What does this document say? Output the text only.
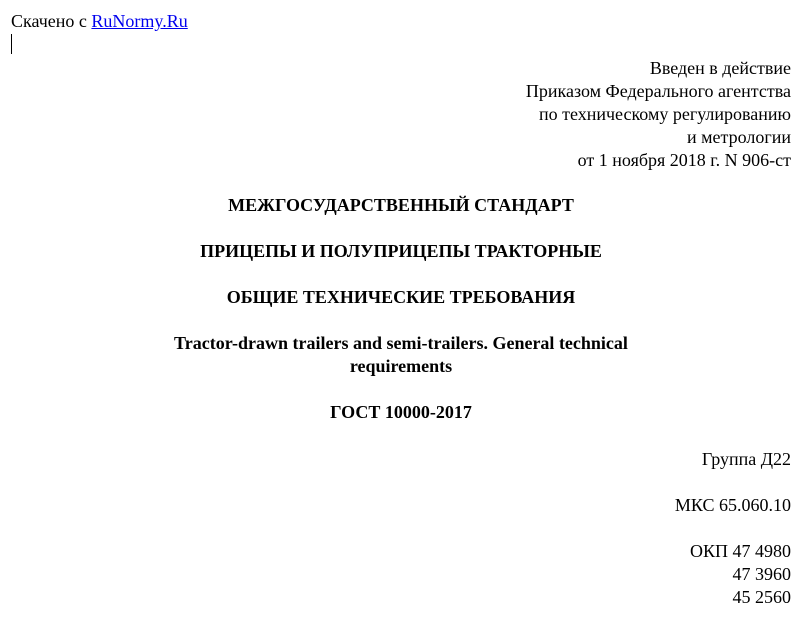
Скачено с RuNormy.Ru
Введен в действие
Приказом Федерального агентства
по техническому регулированию
и метрологии
от 1 ноября 2018 г. N 906-ст
МЕЖГОСУДАРСТВЕННЫЙ СТАНДАРТ
ПРИЦЕПЫ И ПОЛУПРИЦЕПЫ ТРАКТОРНЫЕ
ОБЩИЕ ТЕХНИЧЕСКИЕ ТРЕБОВАНИЯ
Tractor-drawn trailers and semi-trailers. General technical requirements
ГОСТ 10000-2017
Группа Д22
МКС 65.060.10
ОКП 47 4980
47 3960
45 2560
